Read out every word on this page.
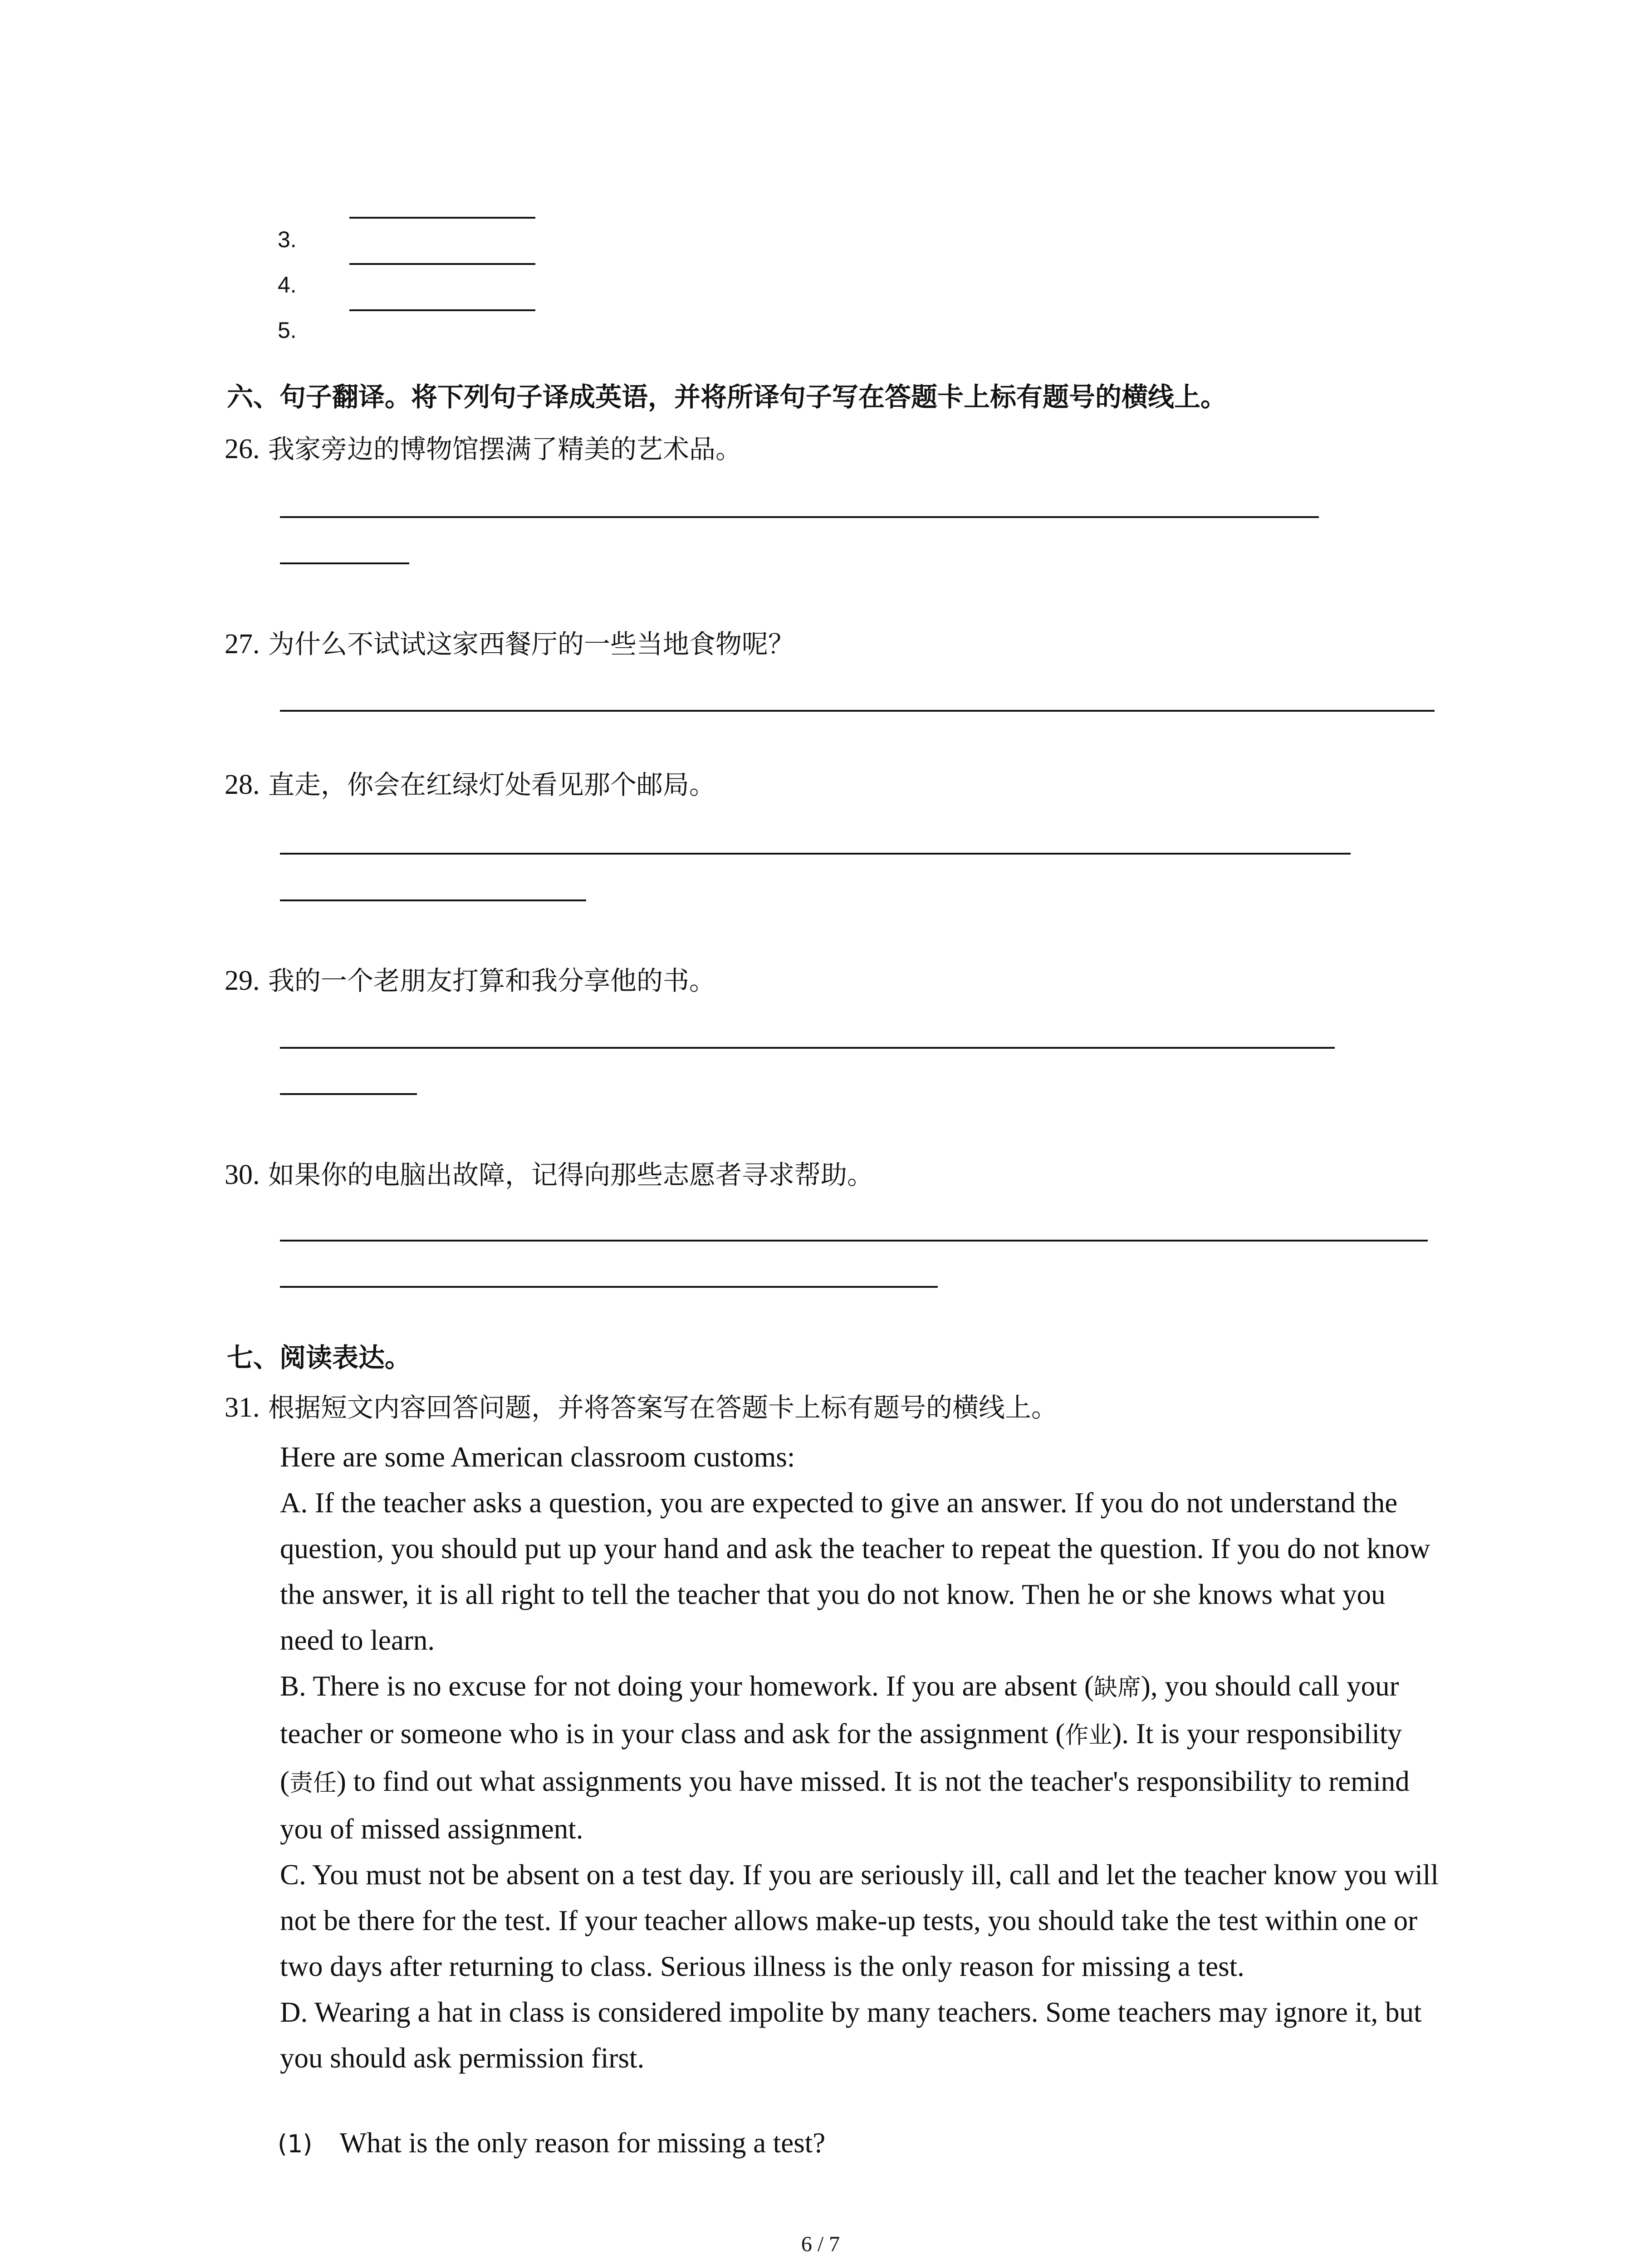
3.
4.
5.
六、句子翻译。将下列句子译成英语，并将所译句子写在答题卡上标有题号的横线上。
26. 我家旁边的博物馆摆满了精美的艺术品。
27. 为什么不试试这家西餐厅的一些当地食物呢？
28. 直走，你会在红绿灯处看见那个邮局。
29. 我的一个老朋友打算和我分享他的书。
30. 如果你的电脑出故障，记得向那些志愿者寻求帮助。
七、阅读表达。
31. 根据短文内容回答问题，并将答案写在答题卡上标有题号的横线上。

Here are some American classroom customs:

A. If the teacher asks a question, you are expected to give an answer. If you do not understand the question, you should put up your hand and ask the teacher to repeat the question. If you do not know the answer, it is all right to tell the teacher that you do not know. Then he or she knows what you need to learn.

B. There is no excuse for not doing your homework. If you are absent (缺席), you should call your teacher or someone who is in your class and ask for the assignment (作业). It is your responsibility (责任) to find out what assignments you have missed. It is not the teacher's responsibility to remind you of missed assignment.

C. You must not be absent on a test day. If you are seriously ill, call and let the teacher know you will not be there for the test. If your teacher allows make-up tests, you should take the test within one or two days after returning to class. Serious illness is the only reason for missing a test.

D. Wearing a hat in class is considered impolite by many teachers. Some teachers may ignore it, but you should ask permission first.

(1) What is the only reason for missing a test?
6 / 7
